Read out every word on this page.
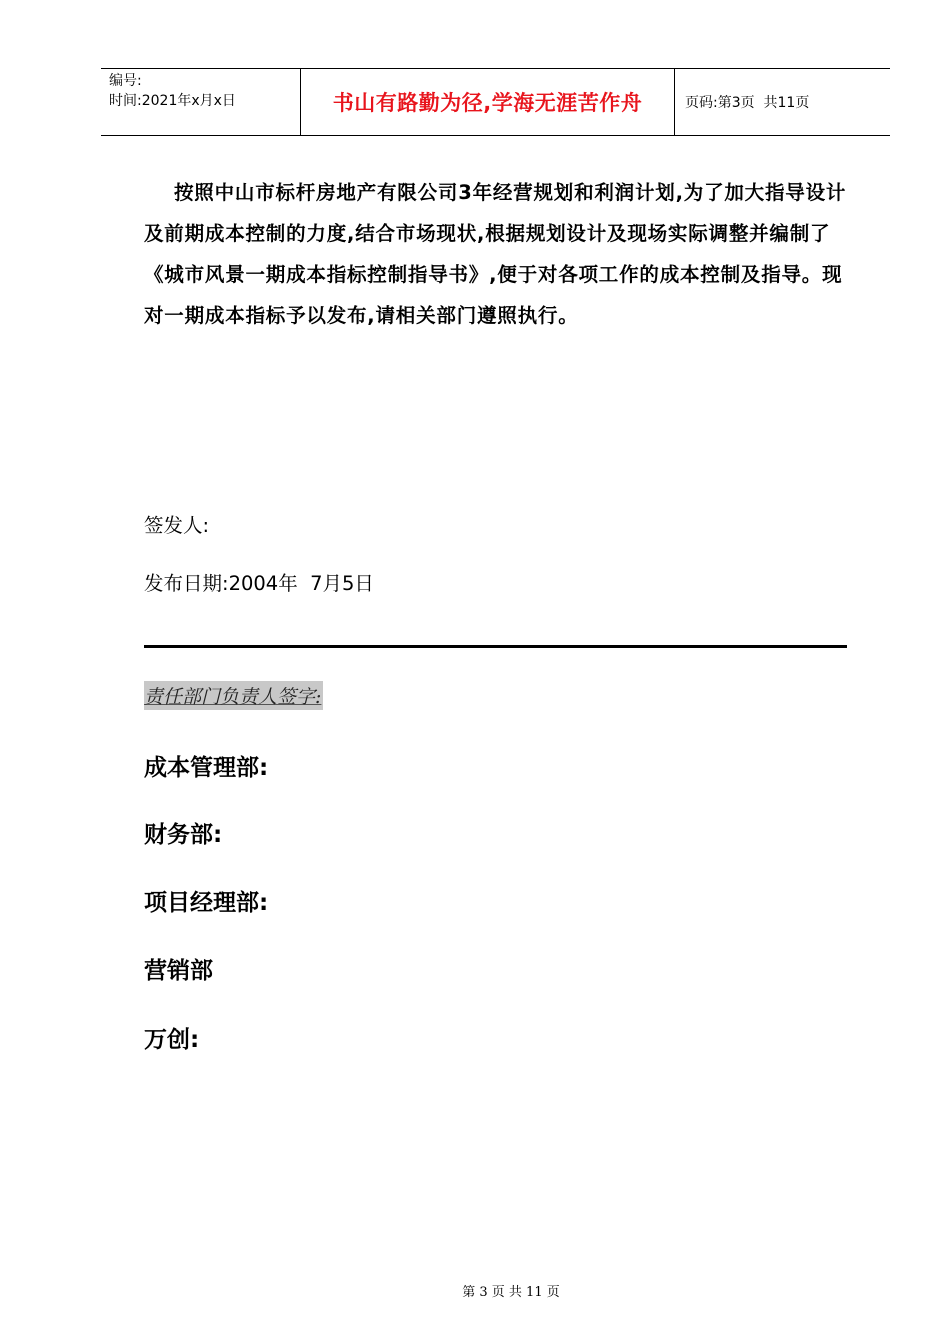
编号:
时间:2021年x月x日	书山有路勤为径,学海无涯苦作舟	页码:第3页  共11页
按照中山市标杆房地产有限公司3年经营规划和利润计划,为了加大指导设计及前期成本控制的力度,结合市场现状,根据规划设计及现场实际调整并编制了《城市风景一期成本指标控制指导书》,便于对各项工作的成本控制及指导。现对一期成本指标予以发布,请相关部门遵照执行。
签发人:
发布日期:2004年  7月5日
责任部门负责人签字:
成本管理部:
财务部:
项目经理部:
营销部
万创:
第 3 页 共 11 页
